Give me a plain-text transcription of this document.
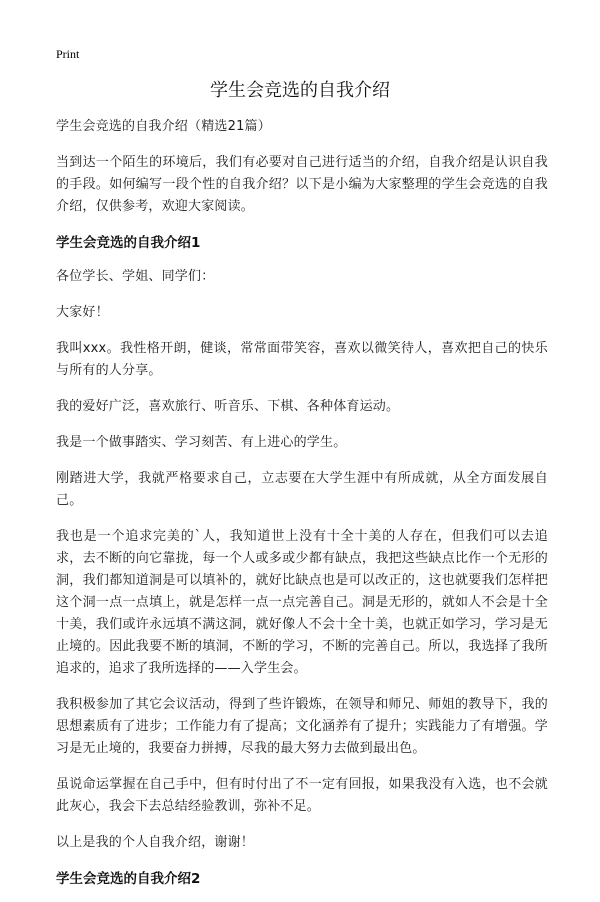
Print
学生会竞选的自我介绍

学生会竞选的自我介绍（精选21篇）

当到达一个陌生的环境后，我们有必要对自己进行适当的介绍，自我介绍是认识自我的手段。如何编写一段个性的自我介绍？以下是小编为大家整理的学生会竞选的自我介绍，仅供参考，欢迎大家阅读。

学生会竞选的自我介绍1

各位学长、学姐、同学们：

大家好！

我叫xxx。我性格开朗，健谈，常常面带笑容，喜欢以微笑待人，喜欢把自己的快乐与所有的人分享。

我的爱好广泛，喜欢旅行、听音乐、下棋、各种体育运动。

我是一个做事踏实、学习刻苦、有上进心的学生。

刚踏进大学，我就严格要求自己，立志要在大学生涯中有所成就，从全方面发展自己。

我也是一个追求完美的`人，我知道世上没有十全十美的人存在，但我们可以去追求，去不断的向它靠拢，每一个人或多或少都有缺点，我把这些缺点比作一个无形的洞，我们都知道洞是可以填补的，就好比缺点也是可以改正的，这也就要我们怎样把这个洞一点一点填上，就是怎样一点一点完善自己。洞是无形的，就如人不会是十全十美，我们或许永远填不满这洞，就好像人不会十全十美，也就正如学习，学习是无止境的。因此我要不断的填洞，不断的学习，不断的完善自己。所以，我选择了我所追求的，追求了我所选择的——入学生会。

我积极参加了其它会议活动，得到了些许锻炼，在领导和师兄、师姐的教导下，我的思想素质有了进步；工作能力有了提高；文化涵养有了提升；实践能力了有增强。学习是无止境的，我要奋力拼搏，尽我的最大努力去做到最出色。

虽说命运掌握在自己手中，但有时付出了不一定有回报，如果我没有入选，也不会就此灰心，我会下去总结经验教训，弥补不足。

以上是我的个人自我介绍，谢谢！

学生会竞选的自我介绍2
